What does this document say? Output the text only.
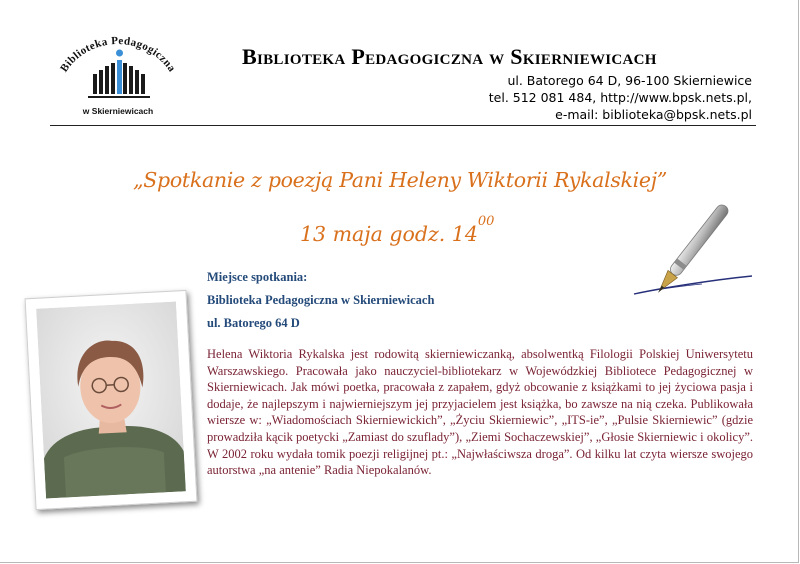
Biblioteka Pedagogiczna
w Skierniewicach
Biblioteka Pedagogiczna w Skierniewicach
ul. Batorego 64 D, 96-100 Skierniewice
tel. 512 081 484, http://www.bpsk.nets.pl,
e-mail: biblioteka@bpsk.nets.pl
„Spotkanie z poezją Pani Heleny Wiktorii Rykalskiej”
13 maja godz. $14^{00}$
Miejsce spotkania:
Biblioteka Pedagogiczna w Skierniewicach
ul. Batorego 64 D

Helena Wiktoria Rykalska jest rodowitą skierniewiczanką, absolwentką Filologii Polskiej Uniwersytetu Warszawskiego. Pracowała jako nauczyciel-bibliotekarz w Wojewódzkiej Bibliotece Pedagogicznej w Skierniewicach. Jak mówi poetka, pracowała z zapałem, gdyż obcowanie z książkami to jej życiowa pasja i dodaje, że najlepszym i najwierniejszym jej przyjacielem jest książka, bo zawsze na nią czeka. Publikowała wiersze w: „Wiadomościach Skierniewickich”, „Życiu Skierniewic”, „ITS-ie”, „Pulsie Skierniewic” (gdzie prowadziła kącik poetycki „Zamiast do szuflady”), „Ziemi Sochaczewskiej”, „Głosie Skierniewic i okolicy”. W 2002 roku wydała tomik poezji religijnej pt.: „Najwłaściwsza droga”. Od kilku lat czyta wiersze swojego autorstwa „na antenie” Radia Niepokalanów.
